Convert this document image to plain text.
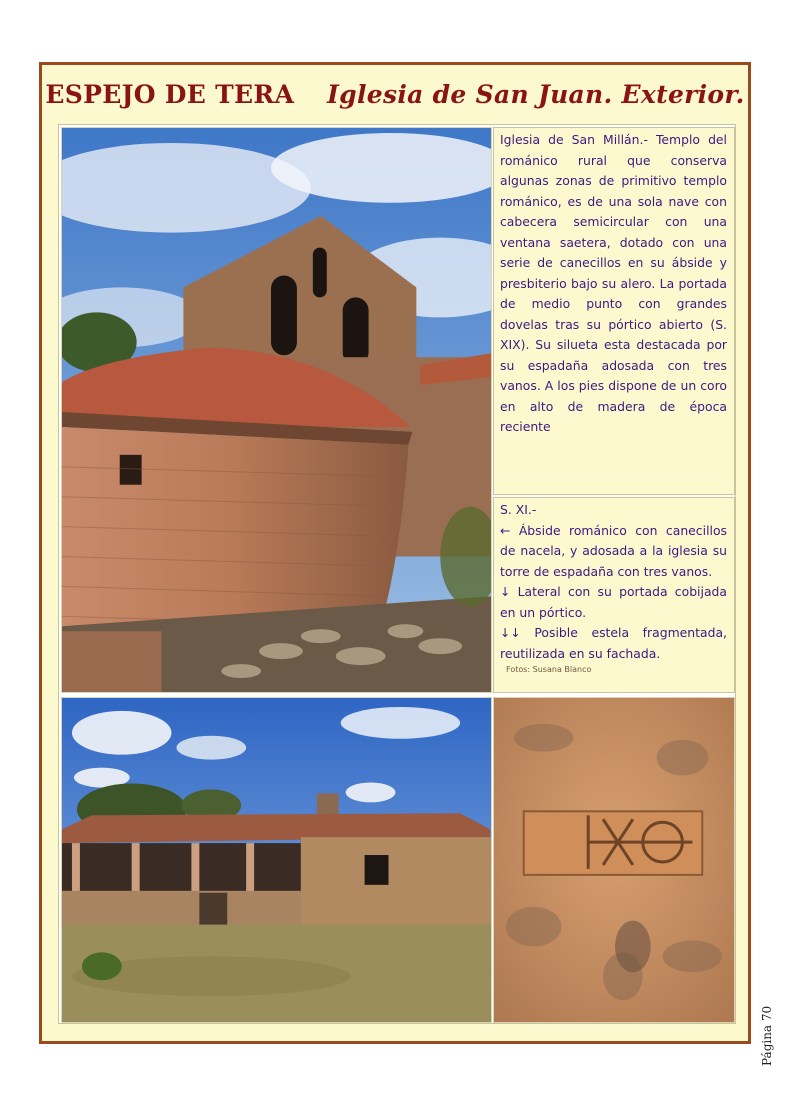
ESPEJO DE TERA Iglesia de San Juan. Exterior.
Iglesia de San Millán.- Templo del románico rural que conserva algunas zonas de primitivo templo románico, es de una sola nave con cabecera semicircular con una ventana saetera, dotado con una serie de canecillos en su ábside y presbiterio bajo su alero. La portada de medio punto con grandes dovelas tras su pórtico abierto (S. XIX). Su silueta esta destacada por su espadaña adosada con tres vanos. A los pies dispone de un coro en alto de madera de época reciente
S. XI.-
← Ábside románico con canecillos de nacela, y adosada a la iglesia su torre de espadaña con tres vanos.
↓ Lateral con su portada cobijada en un pórtico.
↓↓ Posible estela fragmentada, reutilizada en su fachada.
Fotos: Susana Blanco
Página 70
